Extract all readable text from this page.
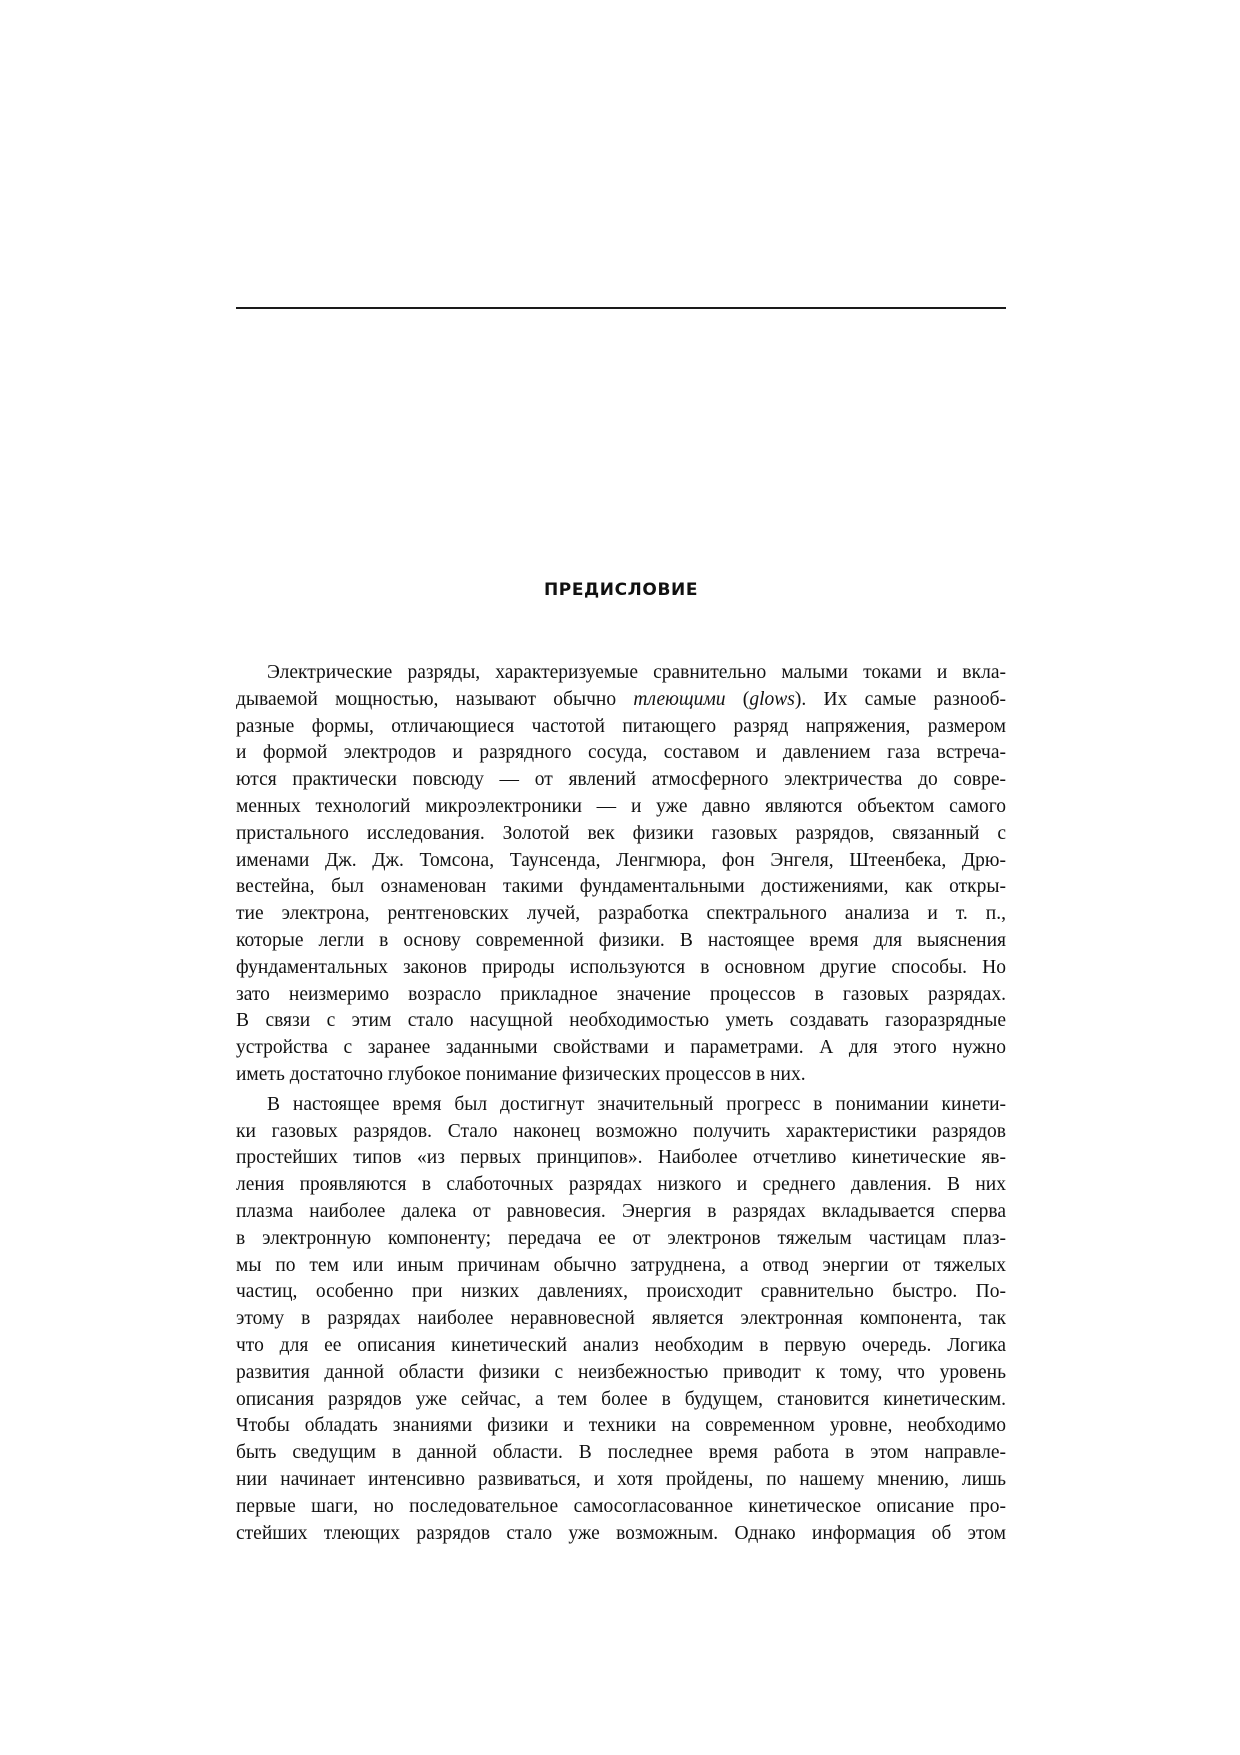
ПРЕДИСЛОВИЕ

Электрические разряды, характеризуемые сравнительно малыми токами и вкла-
дываемой мощностью, называют обычно тлеющими (glows). Их самые разнооб-
разные формы, отличающиеся частотой питающего разряд напряжения, размером
и формой электродов и разрядного сосуда, составом и давлением газа встреча-
ются практически повсюду — от явлений атмосферного электричества до совре-
менных технологий микроэлектроники — и уже давно являются объектом самого
пристального исследования. Золотой век физики газовых разрядов, связанный с
именами Дж. Дж. Томсона, Таунсенда, Ленгмюра, фон Энгеля, Штеенбека, Дрю-
вестейна, был ознаменован такими фундаментальными достижениями, как откры-
тие электрона, рентгеновских лучей, разработка спектрального анализа и т. п.,
которые легли в основу современной физики. В настоящее время для выяснения
фундаментальных законов природы используются в основном другие способы. Но
зато неизмеримо возрасло прикладное значение процессов в газовых разрядах.
В связи с этим стало насущной необходимостью уметь создавать газоразрядные
устройства с заранее заданными свойствами и параметрами. А для этого нужно
иметь достаточно глубокое понимание физических процессов в них.

В настоящее время был достигнут значительный прогресс в понимании кинети-
ки газовых разрядов. Стало наконец возможно получить характеристики разрядов
простейших типов «из первых принципов». Наиболее отчетливо кинетические яв-
ления проявляются в слаботочных разрядах низкого и среднего давления. В них
плазма наиболее далека от равновесия. Энергия в разрядах вкладывается сперва
в электронную компоненту; передача ее от электронов тяжелым частицам плаз-
мы по тем или иным причинам обычно затруднена, а отвод энергии от тяжелых
частиц, особенно при низких давлениях, происходит сравнительно быстро. По-
этому в разрядах наиболее неравновесной является электронная компонента, так
что для ее описания кинетический анализ необходим в первую очередь. Логика
развития данной области физики с неизбежностью приводит к тому, что уровень
описания разрядов уже сейчас, а тем более в будущем, становится кинетическим.
Чтобы обладать знаниями физики и техники на современном уровне, необходимо
быть сведущим в данной области. В последнее время работа в этом направле-
нии начинает интенсивно развиваться, и хотя пройдены, по нашему мнению, лишь
первые шаги, но последовательное самосогласованное кинетическое описание про-
стейших тлеющих разрядов стало уже возможным. Однако информация об этом
